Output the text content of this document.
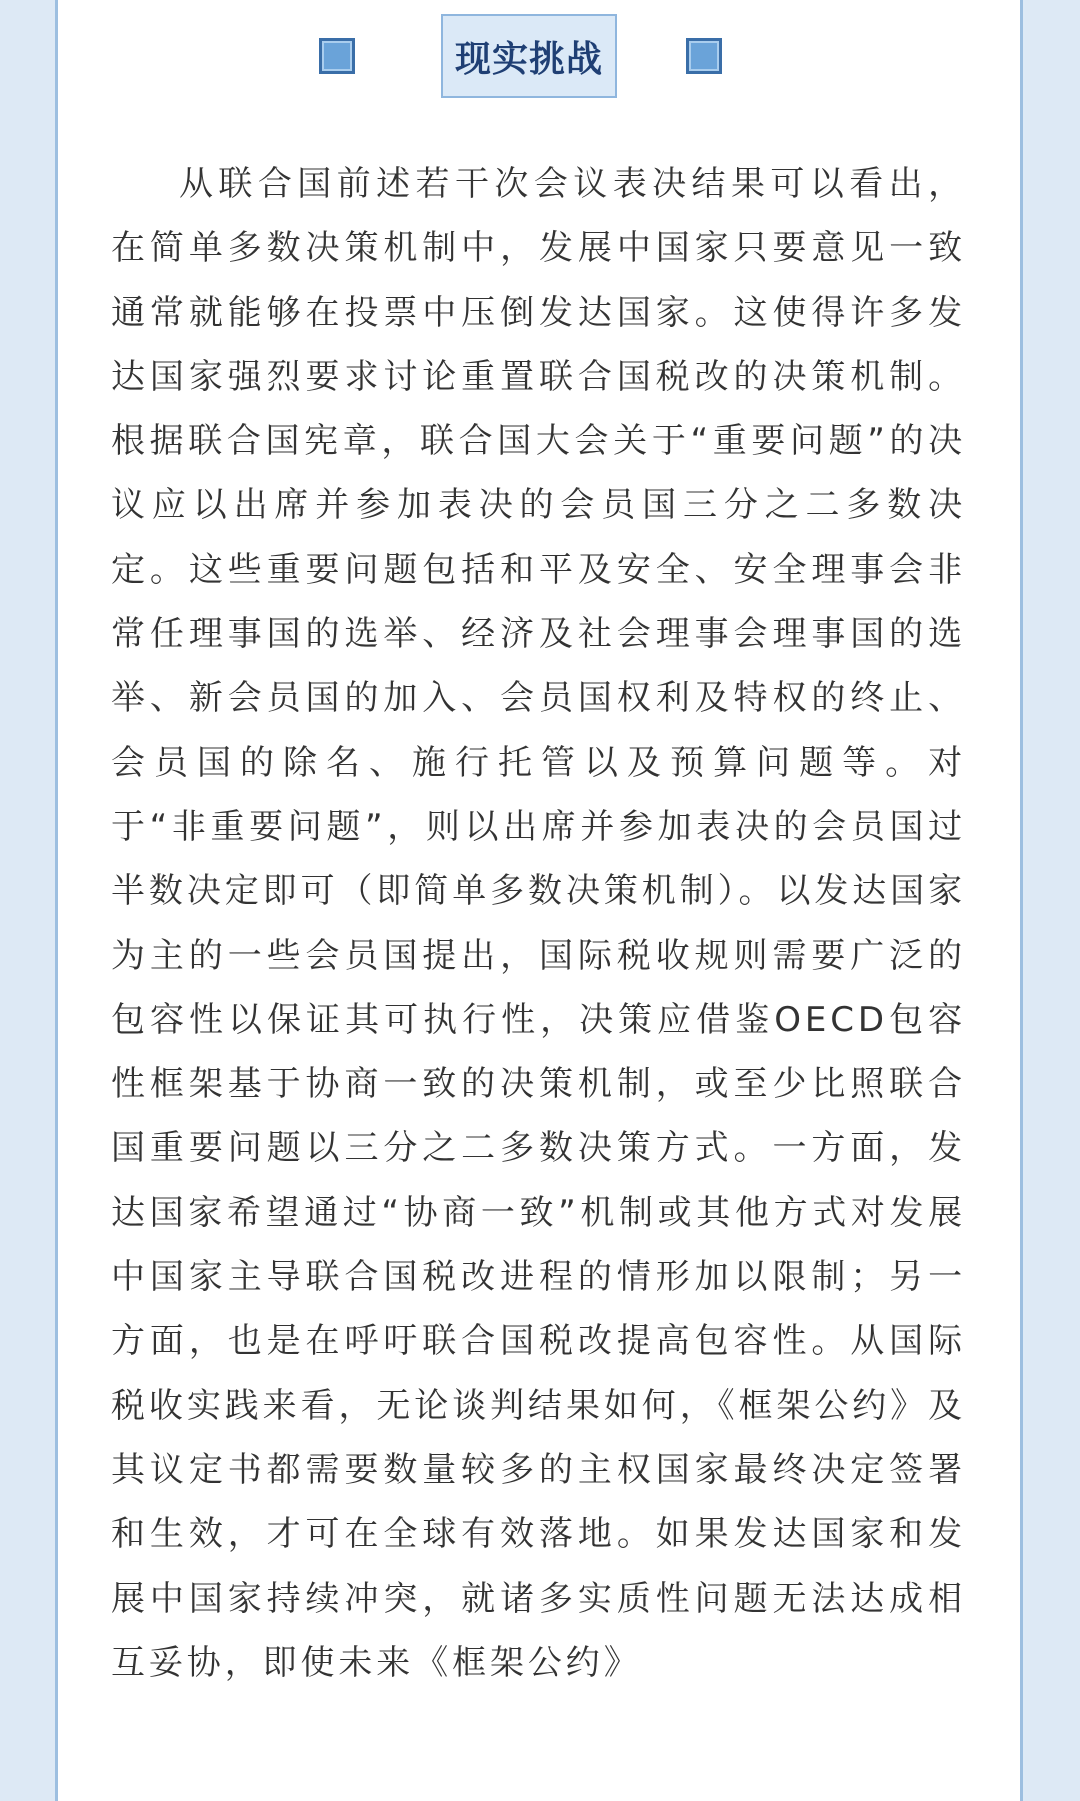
现实挑战

从联合国前述若干次会议表决结果可以看出，在简单多数决策机制中，发展中国家只要意见一致通常就能够在投票中压倒发达国家。这使得许多发达国家强烈要求讨论重置联合国税改的决策机制。根据联合国宪章，联合国大会关于“重要问题”的决议应以出席并参加表决的会员国三分之二多数决定。这些重要问题包括和平及安全、安全理事会非常任理事国的选举、经济及社会理事会理事国的选举、新会员国的加入、会员国权利及特权的终止、会员国的除名、施行托管以及预算问题等。对于“非重要问题”，则以出席并参加表决的会员国过半数决定即可（即简单多数决策机制）。以发达国家为主的一些会员国提出，国际税收规则需要广泛的包容性以保证其可执行性，决策应借鉴OECD包容性框架基于协商一致的决策机制，或至少比照联合国重要问题以三分之二多数决策方式。一方面，发达国家希望通过“协商一致”机制或其他方式对发展中国家主导联合国税改进程的情形加以限制；另一方面，也是在呼吁联合国税改提高包容性。从国际税收实践来看，无论谈判结果如何，《框架公约》及其议定书都需要数量较多的主权国家最终决定签署和生效，才可在全球有效落地。如果发达国家和发展中国家持续冲突，就诸多实质性问题无法达成相互妥协，即使未来《框架公约》
